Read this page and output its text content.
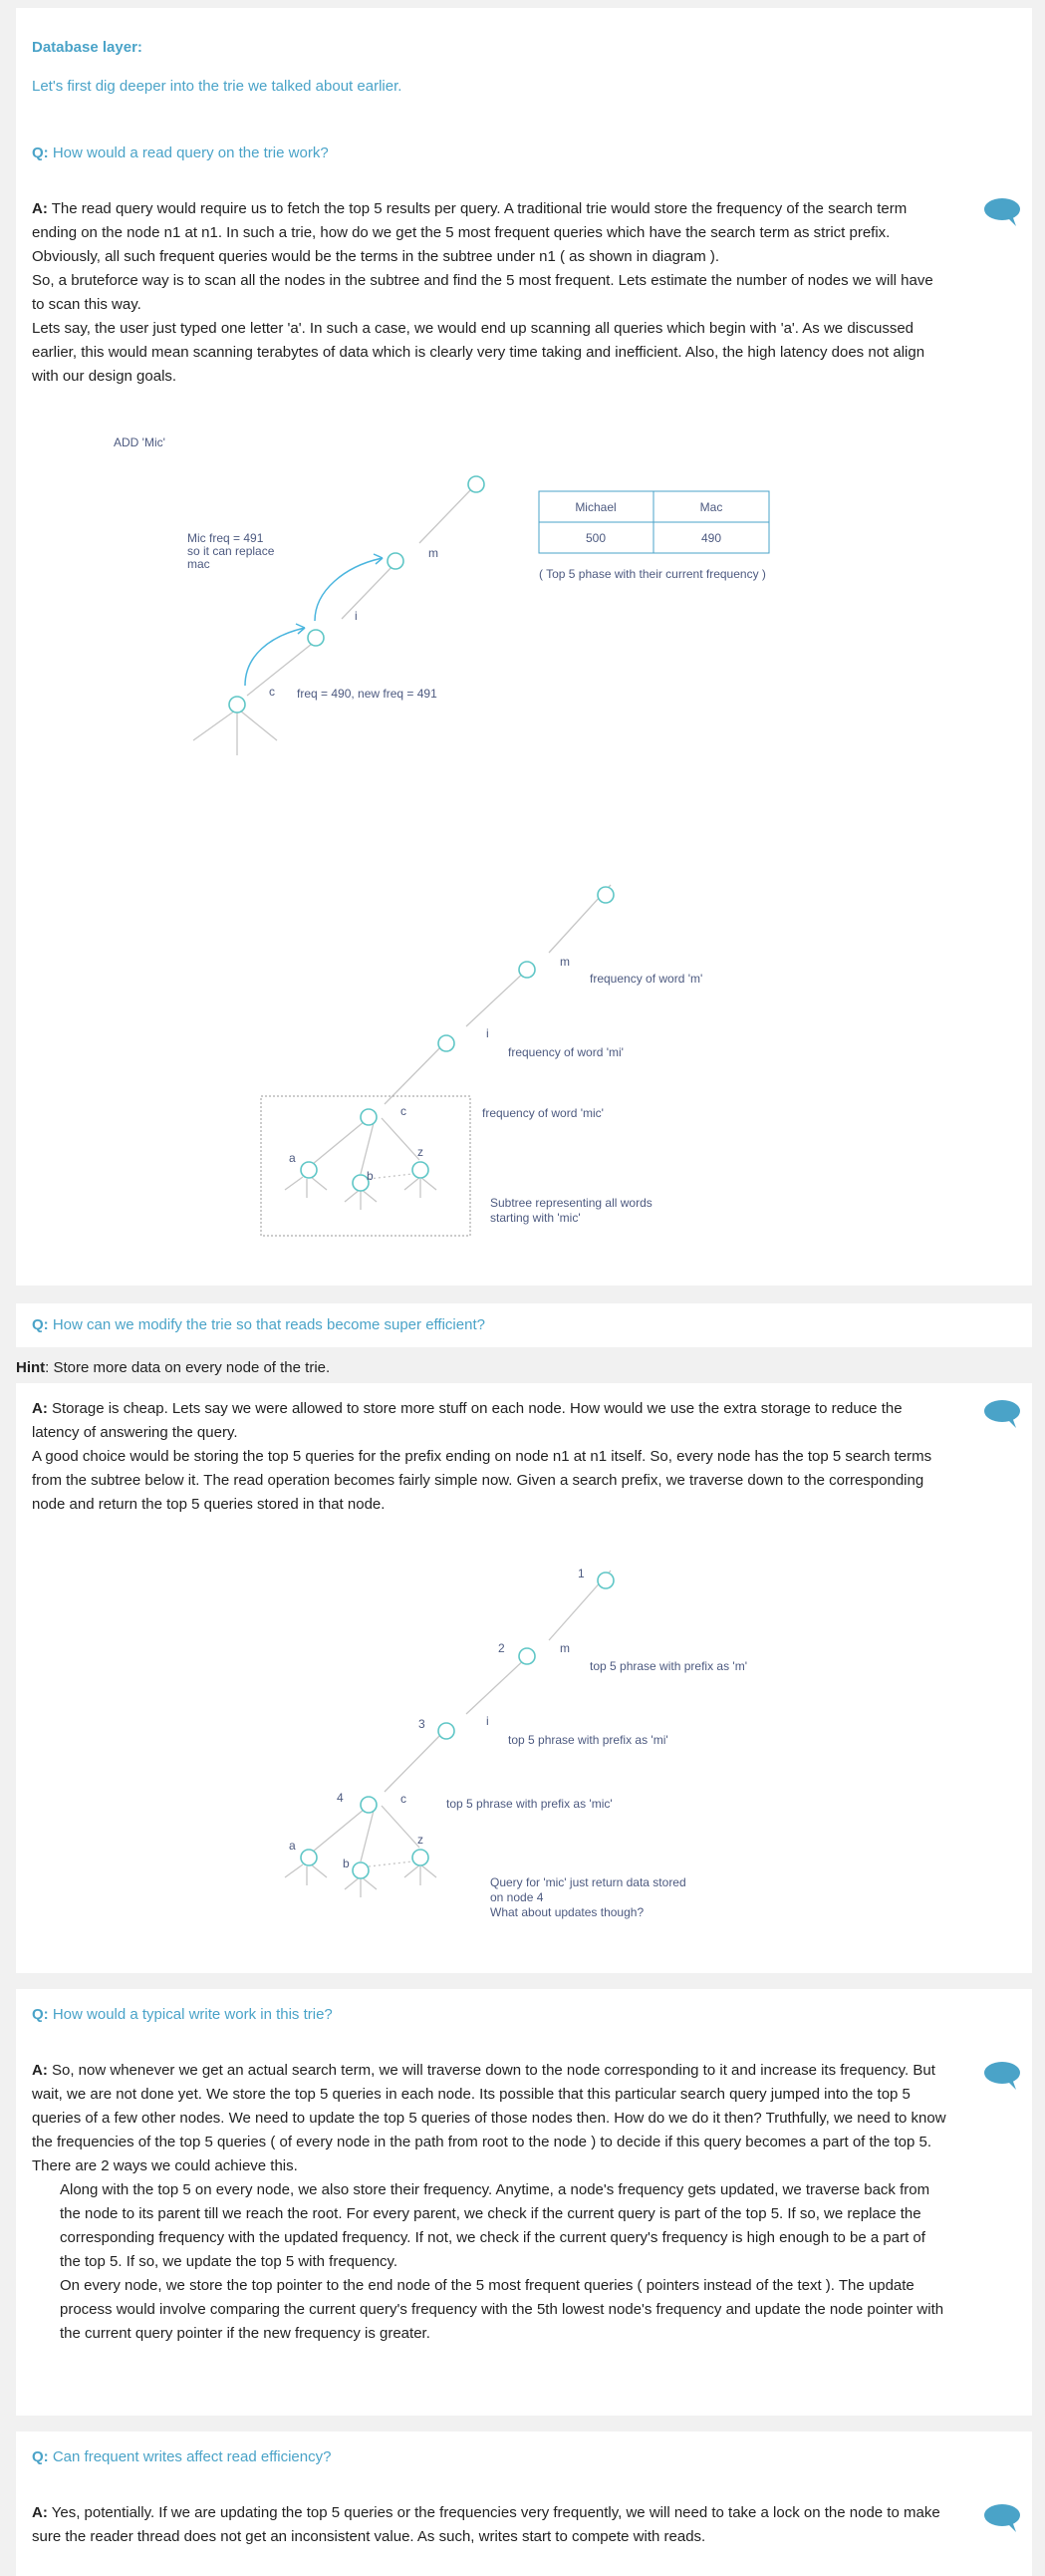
Database layer:
Let's first dig deeper into the trie we talked about earlier.
Q: How would a read query on the trie work?

A: The read query would require us to fetch the top 5 results per query. A traditional trie would store the frequency of the search term ending on the node n1 at n1. In such a trie, how do we get the 5 most frequent queries which have the search term as strict prefix. Obviously, all such frequent queries would be the terms in the subtree under n1 ( as shown in diagram ).

So, a bruteforce way is to scan all the nodes in the subtree and find the 5 most frequent. Lets estimate the number of nodes we will have to scan this way.

Lets say, the user just typed one letter 'a'. In such a case, we would end up scanning all queries which begin with 'a'. As we discussed earlier, this would mean scanning terabytes of data which is clearly very time taking and inefficient. Also, the high latency does not align with our design goals.

ADD 'Mic'
m
i
c freq = 490, new freq = 491
Mic freq = 491
so it can replace
mac
Michael	Mac
500	490
( Top 5 phase with their current frequency )
m
i
c
a
b
z
frequency of word 'm'
frequency of word 'mi'
frequency of word 'mic'
Subtree representing all words
starting with 'mic'
Q: How can we modify the trie so that reads become super efficient?
Hint: Store more data on every node of the trie.

A: Storage is cheap. Lets say we were allowed to store more stuff on each node. How would we use the extra storage to reduce the latency of answering the query.

A good choice would be storing the top 5 queries for the prefix ending on node n1 at n1 itself. So, every node has the top 5 search terms from the subtree below it. The read operation becomes fairly simple now. Given a search prefix, we traverse down to the corresponding node and return the top 5 queries stored in that node.

1
2
3
4
m
i
c
a
b
z
top 5 phrase with prefix as 'm'
top 5 phrase with prefix as 'mi'
top 5 phrase with prefix as 'mic'
Query for 'mic' just return data stored
on node 4
What about updates though?
Q: How would a typical write work in this trie?

A: So, now whenever we get an actual search term, we will traverse down to the node corresponding to it and increase its frequency. But wait, we are not done yet. We store the top 5 queries in each node. Its possible that this particular search query jumped into the top 5 queries of a few other nodes. We need to update the top 5 queries of those nodes then. How do we do it then? Truthfully, we need to know the frequencies of the top 5 queries ( of every node in the path from root to the node ) to decide if this query becomes a part of the top 5.

There are 2 ways we could achieve this.

Along with the top 5 on every node, we also store their frequency. Anytime, a node's frequency gets updated, we traverse back from the node to its parent till we reach the root. For every parent, we check if the current query is part of the top 5. If so, we replace the corresponding frequency with the updated frequency. If not, we check if the current query's frequency is high enough to be a part of the top 5. If so, we update the top 5 with frequency.

On every node, we store the top pointer to the end node of the 5 most frequent queries ( pointers instead of the text ). The update process would involve comparing the current query's frequency with the 5th lowest node's frequency and update the node pointer with the current query pointer if the new frequency is greater.

Q: Can frequent writes affect read efficiency?

A: Yes, potentially. If we are updating the top 5 queries or the frequencies very frequently, we will need to take a lock on the node to make sure the reader thread does not get an inconsistent value. As such, writes start to compete with reads.
